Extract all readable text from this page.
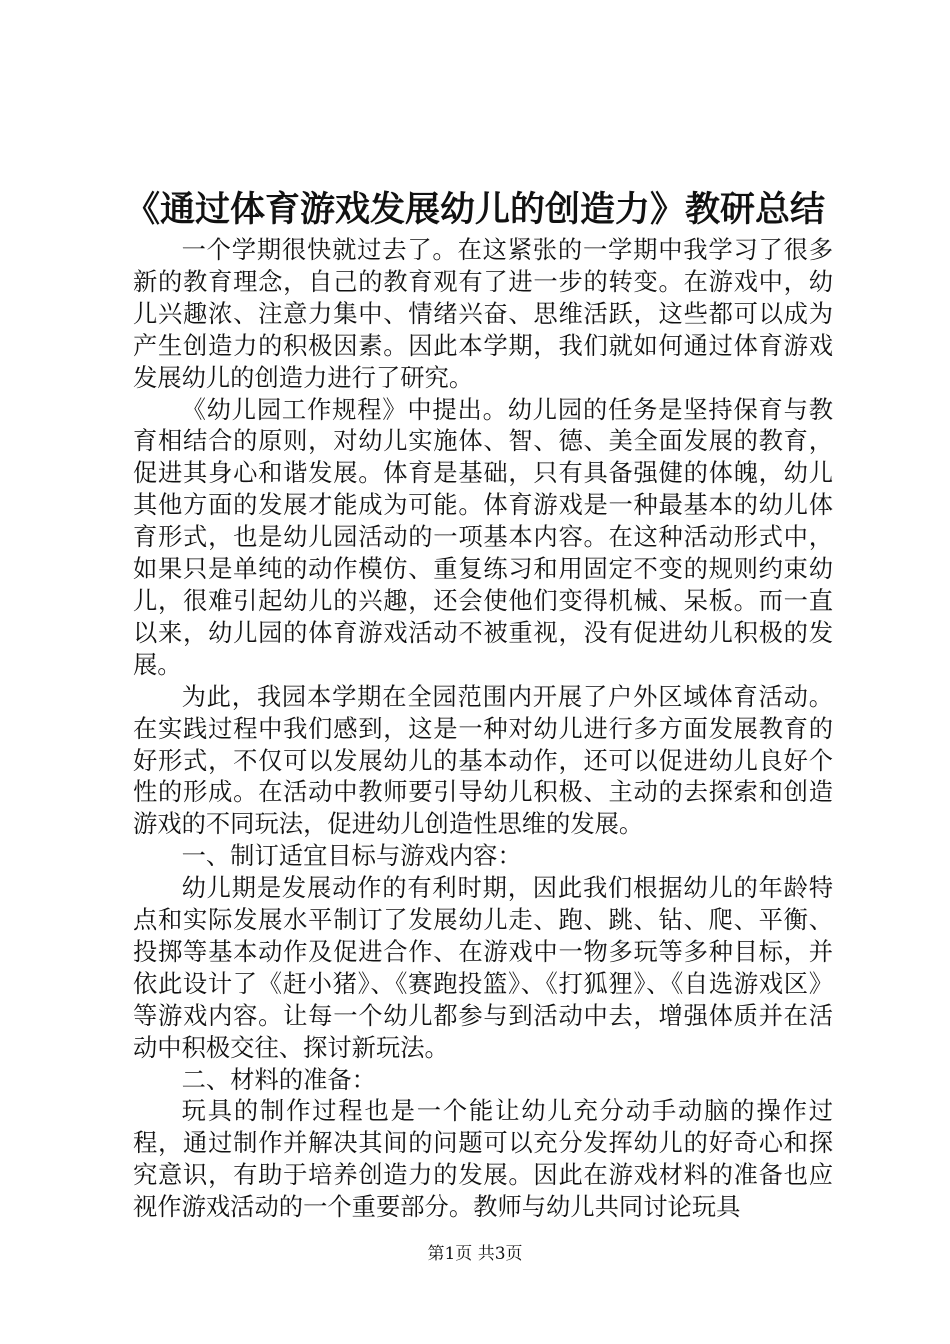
《通过体育游戏发展幼儿的创造力》教研总结

一个学期很快就过去了。在这紧张的一学期中我学习了很多新的教育理念，自己的教育观有了进一步的转变。在游戏中，幼儿兴趣浓、注意力集中、情绪兴奋、思维活跃，这些都可以成为产生创造力的积极因素。因此本学期，我们就如何通过体育游戏发展幼儿的创造力进行了研究。

《幼儿园工作规程》中提出。幼儿园的任务是坚持保育与教育相结合的原则，对幼儿实施体、智、德、美全面发展的教育，促进其身心和谐发展。体育是基础，只有具备强健的体魄，幼儿其他方面的发展才能成为可能。体育游戏是一种最基本的幼儿体育形式，也是幼儿园活动的一项基本内容。在这种活动形式中，如果只是单纯的动作模仿、重复练习和用固定不变的规则约束幼儿，很难引起幼儿的兴趣，还会使他们变得机械、呆板。而一直以来，幼儿园的体育游戏活动不被重视，没有促进幼儿积极的发展。

为此，我园本学期在全园范围内开展了户外区域体育活动。在实践过程中我们感到，这是一种对幼儿进行多方面发展教育的好形式，不仅可以发展幼儿的基本动作，还可以促进幼儿良好个性的形成。在活动中教师要引导幼儿积极、主动的去探索和创造游戏的不同玩法，促进幼儿创造性思维的发展。

一、制订适宜目标与游戏内容：

幼儿期是发展动作的有利时期，因此我们根据幼儿的年龄特点和实际发展水平制订了发展幼儿走、跑、跳、钻、爬、平衡、投掷等基本动作及促进合作、在游戏中一物多玩等多种目标，并依此设计了《赶小猪》、《赛跑投篮》、《打狐狸》、《自选游戏区》等游戏内容。让每一个幼儿都参与到活动中去，增强体质并在活动中积极交往、探讨新玩法。

二、材料的准备：

玩具的制作过程也是一个能让幼儿充分动手动脑的操作过程，通过制作并解决其间的问题可以充分发挥幼儿的好奇心和探究意识，有助于培养创造力的发展。因此在游戏材料的准备也应视作游戏活动的一个重要部分。教师与幼儿共同讨论玩具

第1页 共3页
